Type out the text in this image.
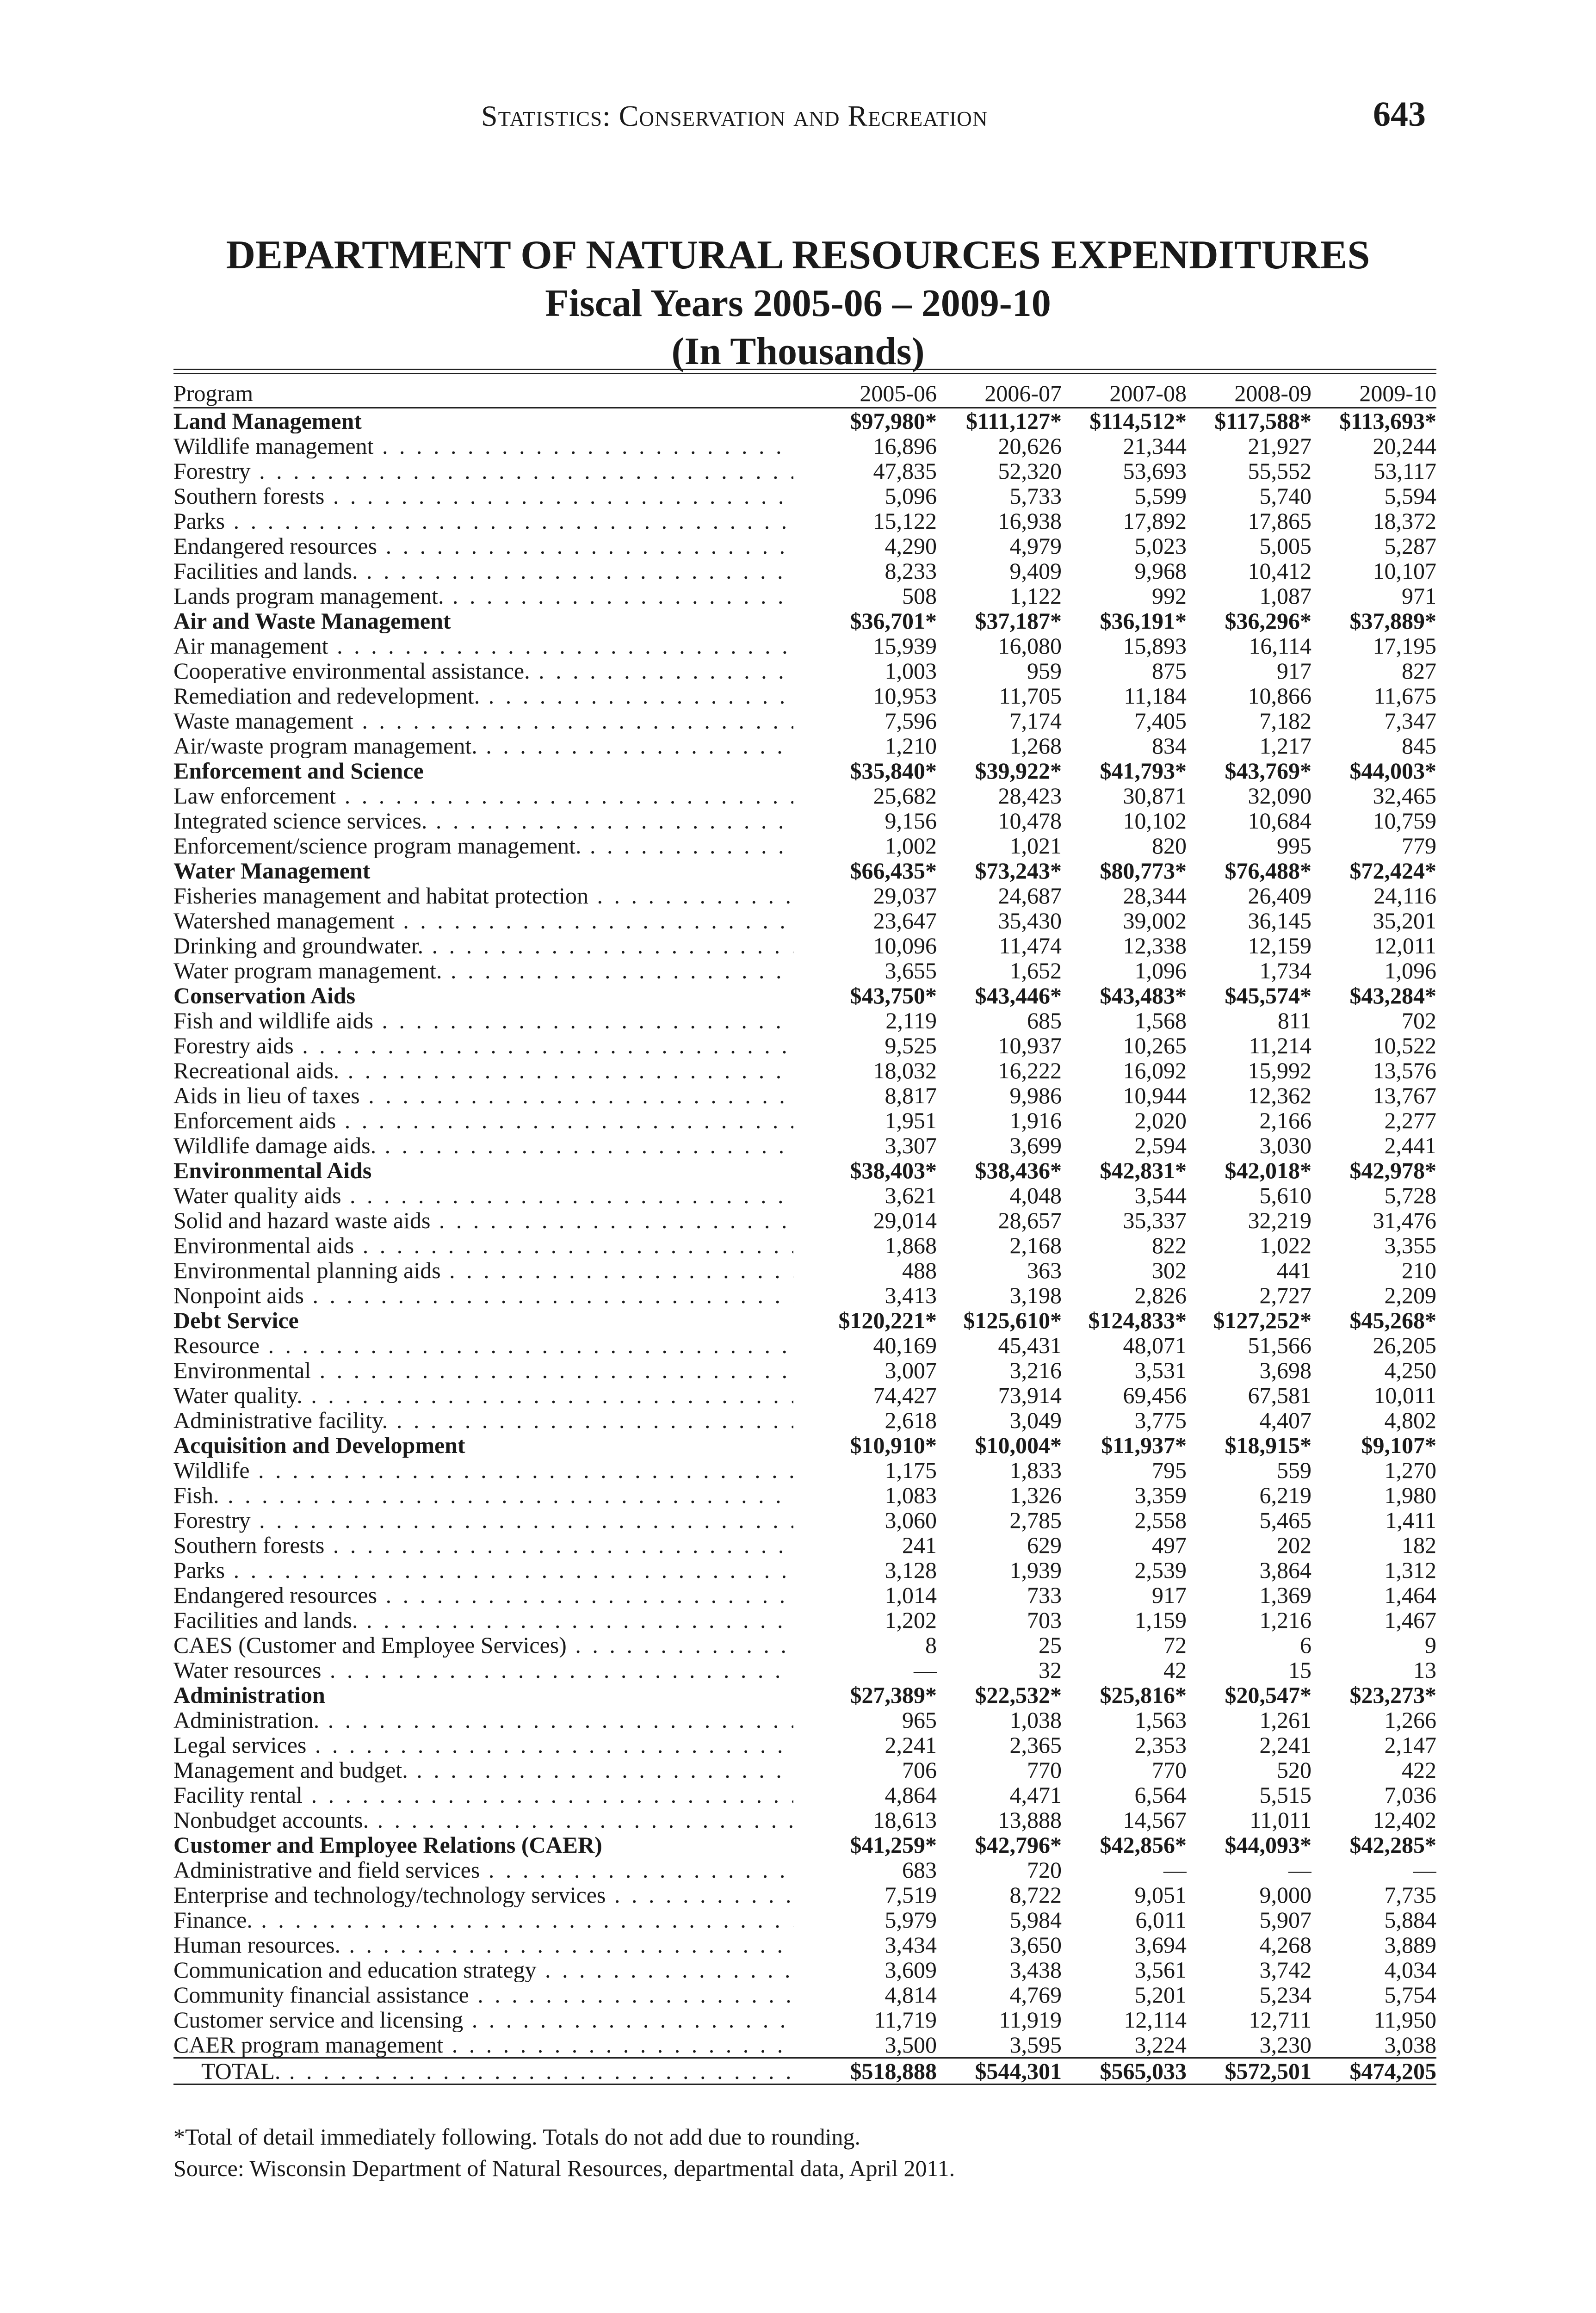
Statistics: Conservation and Recreation	643
DEPARTMENT OF NATURAL RESOURCES EXPENDITURES
Fiscal Years 2005-06 – 2009-10
(In Thousands)
Program	2005-06	2006-07	2007-08	2008-09	2009-10
Land Management	$97,980*	$111,127*	$114,512*	$117,588*	$113,693*

Wildlife management . . .	16,896	20,626	21,344	21,927	20,244

Forestry . . .	47,835	52,320	53,693	55,552	53,117

Southern forests . . .	5,096	5,733	5,599	5,740	5,594

Parks . . .	15,122	16,938	17,892	17,865	18,372

Endangered resources . . .	4,290	4,979	5,023	5,005	5,287

Facilities and lands. . . .	8,233	9,409	9,968	10,412	10,107

Lands program management. . . .	508	1,122	992	1,087	971
Air and Waste Management	$36,701*	$37,187*	$36,191*	$36,296*	$37,889*

Air management . . .	15,939	16,080	15,893	16,114	17,195

Cooperative environmental assistance. . . .	1,003	959	875	917	827

Remediation and redevelopment. . . .	10,953	11,705	11,184	10,866	11,675

Waste management . . .	7,596	7,174	7,405	7,182	7,347

Air/waste program management. . . .	1,210	1,268	834	1,217	845
Enforcement and Science	$35,840*	$39,922*	$41,793*	$43,769*	$44,003*

Law enforcement . . .	25,682	28,423	30,871	32,090	32,465

Integrated science services. . . .	9,156	10,478	10,102	10,684	10,759

Enforcement/science program management. . . .	1,002	1,021	820	995	779
Water Management	$66,435*	$73,243*	$80,773*	$76,488*	$72,424*

Fisheries management and habitat protection . . .	29,037	24,687	28,344	26,409	24,116

Watershed management . . .	23,647	35,430	39,002	36,145	35,201

Drinking and groundwater. . . .	10,096	11,474	12,338	12,159	12,011

Water program management. . . .	3,655	1,652	1,096	1,734	1,096
Conservation Aids	$43,750*	$43,446*	$43,483*	$45,574*	$43,284*

Fish and wildlife aids . . .	2,119	685	1,568	811	702

Forestry aids . . .	9,525	10,937	10,265	11,214	10,522

Recreational aids. . . .	18,032	16,222	16,092	15,992	13,576

Aids in lieu of taxes . . .	8,817	9,986	10,944	12,362	13,767

Enforcement aids . . .	1,951	1,916	2,020	2,166	2,277

Wildlife damage aids. . . .	3,307	3,699	2,594	3,030	2,441
Environmental Aids	$38,403*	$38,436*	$42,831*	$42,018*	$42,978*

Water quality aids . . .	3,621	4,048	3,544	5,610	5,728

Solid and hazard waste aids . . .	29,014	28,657	35,337	32,219	31,476

Environmental aids . . .	1,868	2,168	822	1,022	3,355

Environmental planning aids . . .	488	363	302	441	210

Nonpoint aids . . .	3,413	3,198	2,826	2,727	2,209
Debt Service	$120,221*	$125,610*	$124,833*	$127,252*	$45,268*

Resource . . .	40,169	45,431	48,071	51,566	26,205

Environmental . . .	3,007	3,216	3,531	3,698	4,250

Water quality. . . .	74,427	73,914	69,456	67,581	10,011

Administrative facility. . . .	2,618	3,049	3,775	4,407	4,802
Acquisition and Development	$10,910*	$10,004*	$11,937*	$18,915*	$9,107*

Wildlife . . .	1,175	1,833	795	559	1,270

Fish. . . .	1,083	1,326	3,359	6,219	1,980

Forestry . . .	3,060	2,785	2,558	5,465	1,411

Southern forests . . .	241	629	497	202	182

Parks . . .	3,128	1,939	2,539	3,864	1,312

Endangered resources . . .	1,014	733	917	1,369	1,464

Facilities and lands. . . .	1,202	703	1,159	1,216	1,467

CAES (Customer and Employee Services) . . .	8	25	72	6	9

Water resources . . .	—	32	42	15	13
Administration	$27,389*	$22,532*	$25,816*	$20,547*	$23,273*

Administration. . . .	965	1,038	1,563	1,261	1,266

Legal services . . .	2,241	2,365	2,353	2,241	2,147

Management and budget. . . .	706	770	770	520	422

Facility rental . . .	4,864	4,471	6,564	5,515	7,036

Nonbudget accounts. . . .	18,613	13,888	14,567	11,011	12,402
Customer and Employee Relations (CAER)	$41,259*	$42,796*	$42,856*	$44,093*	$42,285*

Administrative and field services . . .	683	720	—	—	—

Enterprise and technology/technology services . . .	7,519	8,722	9,051	9,000	7,735

Finance. . . .	5,979	5,984	6,011	5,907	5,884

Human resources. . . .	3,434	3,650	3,694	4,268	3,889

Communication and education strategy . . .	3,609	3,438	3,561	3,742	4,034

Community financial assistance . . .	4,814	4,769	5,201	5,234	5,754

Customer service and licensing . . .	11,719	11,919	12,114	12,711	11,950

CAER program management . . .	3,500	3,595	3,224	3,230	3,038

TOTAL. . . .	$518,888	$544,301	$565,033	$572,501	$474,205
*Total of detail immediately following. Totals do not add due to rounding.
Source: Wisconsin Department of Natural Resources, departmental data, April 2011.
